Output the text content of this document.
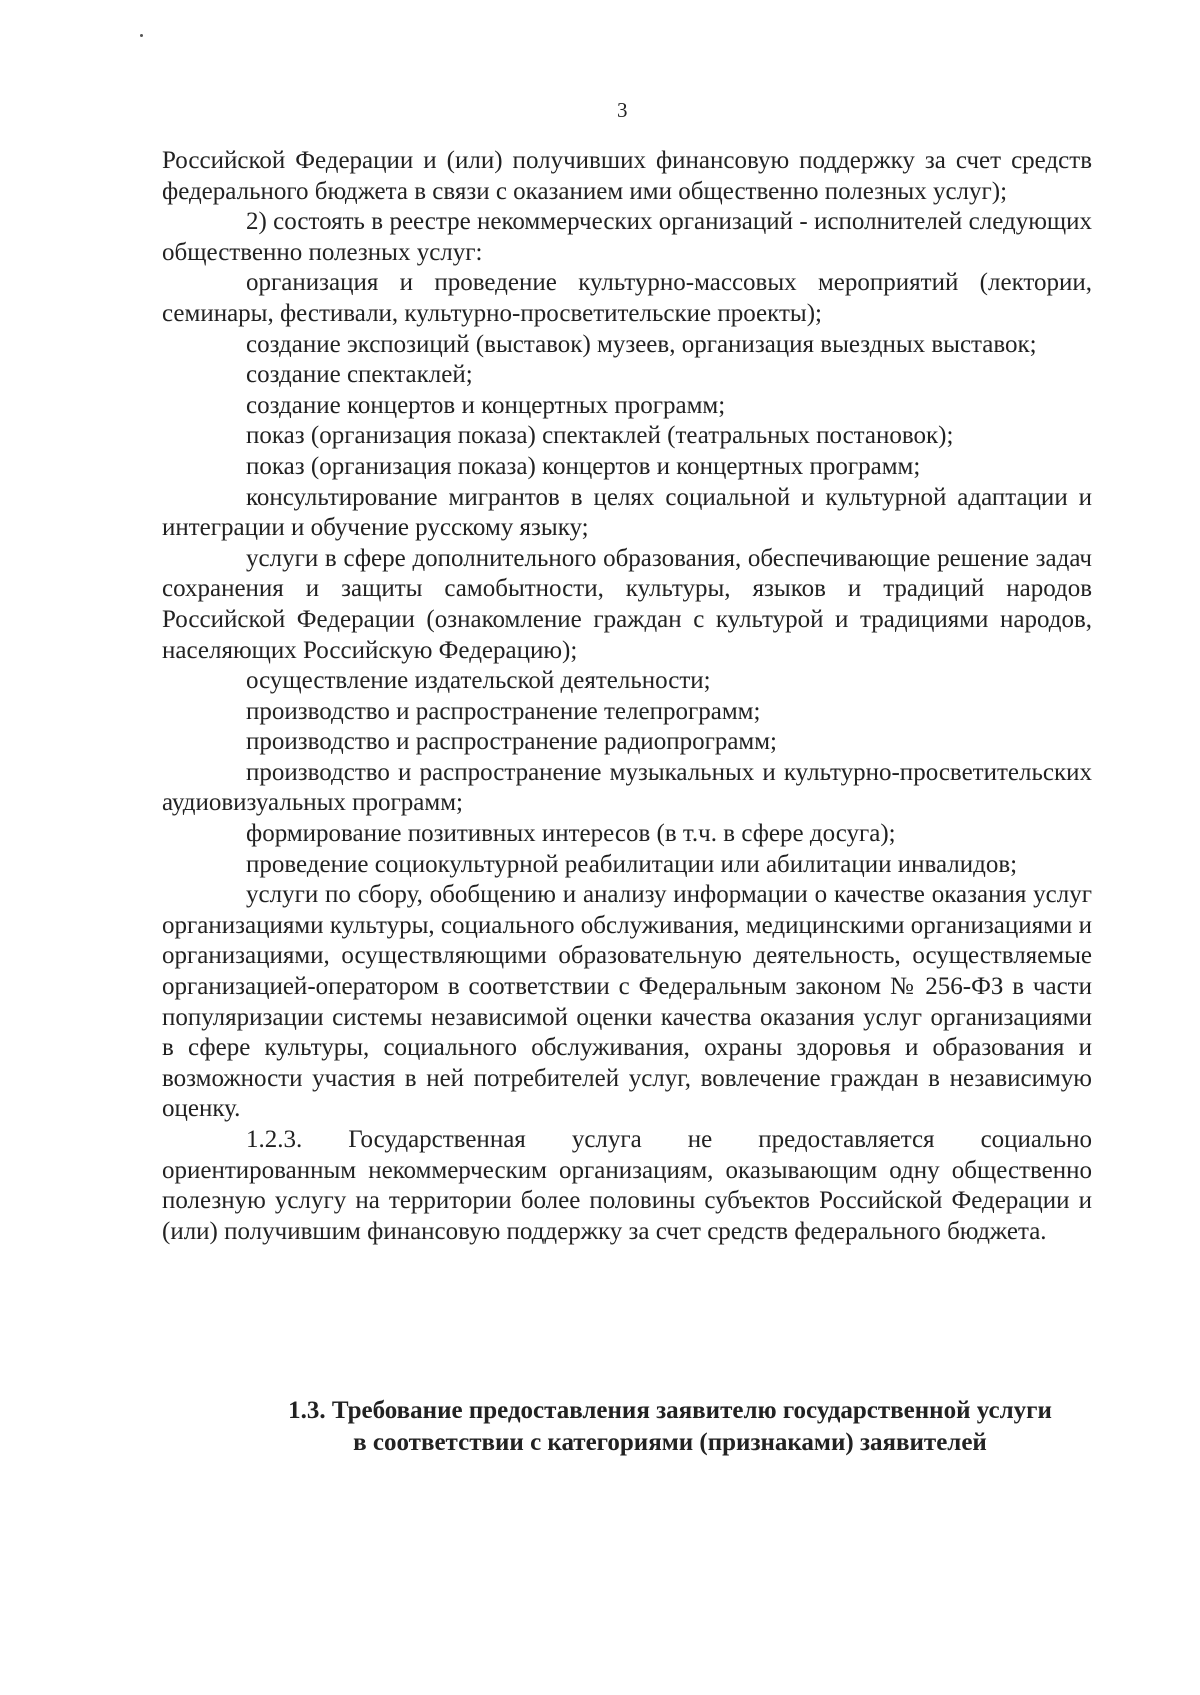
3

Российской Федерации и (или) получивших финансовую поддержку за счет средств федерального бюджета в связи с оказанием ими общественно полезных услуг);

2) состоять в реестре некоммерческих организаций - исполнителей следующих общественно полезных услуг:

организация и проведение культурно-массовых мероприятий (лектории, семинары, фестивали, культурно-просветительские проекты);

создание экспозиций (выставок) музеев, организация выездных выставок;

создание спектаклей;

создание концертов и концертных программ;

показ (организация показа) спектаклей (театральных постановок);

показ (организация показа) концертов и концертных программ;

консультирование мигрантов в целях социальной и культурной адаптации и интеграции и обучение русскому языку;

услуги в сфере дополнительного образования, обеспечивающие решение задач сохранения и защиты самобытности, культуры, языков и традиций народов Российской Федерации (ознакомление граждан с культурой и традициями народов, населяющих Российскую Федерацию);

осуществление издательской деятельности;

производство и распространение телепрограмм;

производство и распространение радиопрограмм;

производство и распространение музыкальных и культурно-просветительских аудиовизуальных программ;

формирование позитивных интересов (в т.ч. в сфере досуга);

проведение социокультурной реабилитации или абилитации инвалидов;

услуги по сбору, обобщению и анализу информации о качестве оказания услуг организациями культуры, социального обслуживания, медицинскими организациями и организациями, осуществляющими образовательную деятельность, осуществляемые организацией-оператором в соответствии с Федеральным законом № 256-ФЗ в части популяризации системы независимой оценки качества оказания услуг организациями в сфере культуры, социального обслуживания, охраны здоровья и образования и возможности участия в ней потребителей услуг, вовлечение граждан в независимую оценку.

1.2.3. Государственная услуга не предоставляется социально ориентированным некоммерческим организациям, оказывающим одну общественно полезную услугу на территории более половины субъектов Российской Федерации и (или) получившим финансовую поддержку за счет средств федерального бюджета.

1.3. Требование предоставления заявителю государственной услуги
в соответствии с категориями (признаками) заявителей
